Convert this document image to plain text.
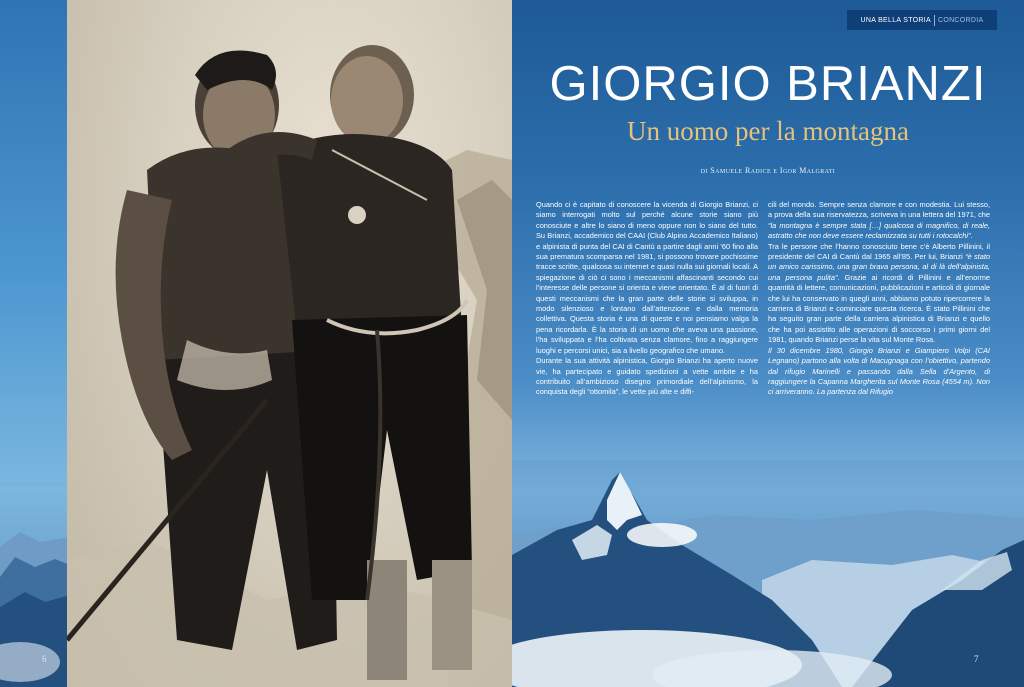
6
UNA BELLA STORIA CONCORDIA
GIORGIO BRIANZI
Un uomo per la montagna
di Samuele Radice e Igor Malgrati

Quando ci è capitato di conoscere la vicenda di Giorgio Brianzi, ci siamo interrogati molto sul perché alcune storie siano più conosciute e altre lo siano di meno oppure non lo siano del tutto. Su Brianzi, accademico del CAAI (Club Alpino Accademico Italiano) e alpinista di punta del CAI di Cantù a partire dagli anni ’60 fino alla sua prematura scomparsa nel 1981, si possono trovare pochissime tracce scritte, qualcosa su internet e quasi nulla sui giornali locali. A spiegazione di ciò ci sono i meccanismi affascinanti secondo cui l’interesse delle persone si orienta e viene orientato. È al di fuori di questi meccanismi che la gran parte delle storie si sviluppa, in modo silenzioso e lontano dall’attenzione e dalla memoria collettiva. Questa storia è una di queste e noi pensiamo valga la pena ricordarla. È la storia di un uomo che aveva una passione, l’ha sviluppata e l’ha coltivata senza clamore, fino a raggiungere luoghi e percorsi unici, sia a livello geografico che umano.

Durante la sua attività alpinistica, Giorgio Brianzi ha aperto nuove vie, ha partecipato e guidato spedizioni a vette ambite e ha contribuito all’ambizioso disegno primordiale dell’alpinismo, la conquista degli “ottomila”, le vette più alte e diffi-

cili del mondo. Sempre senza clamore e con modestia. Lui stesso, a prova della sua riservatezza, scriveva in una lettera del 1971, che “la montagna è sempre stata […] qualcosa di magnifico, di reale, astratto che non deve essere reclamizzata su tutti i rotocalchi”.

Tra le persone che l’hanno conosciuto bene c’è Alberto Pillinini, il presidente del CAI di Cantù dal 1965 all’85. Per lui, Brianzi “è stato un amico carissimo, una gran brava persona, al di là dell’alpinista, una persona pulita”. Grazie ai ricordi di Pillinini e all’enorme quantità di lettere, comunicazioni, pubblicazioni e articoli di giornale che lui ha conservato in quegli anni, abbiamo potuto ripercorrere la carriera di Brianzi e cominciare questa ricerca. È stato Pillinini che ha seguito gran parte della carriera alpinistica di Brianzi e quello che ha poi assistito alle operazioni di soccorso i primi giorni del 1981, quando Brianzi perse la vita sul Monte Rosa.

Il 30 dicembre 1980, Giorgio Brianzi e Giampiero Volpi (CAI Legnano) partono alla volta di Macugnaga con l’obiettivo, partendo dal rifugio Marinelli e passando dalla Sella d’Argento, di raggiungere la Capanna Margherita sul Monte Rosa (4554 m). Non ci arriveranno. La partenza dal Rifugio

7
